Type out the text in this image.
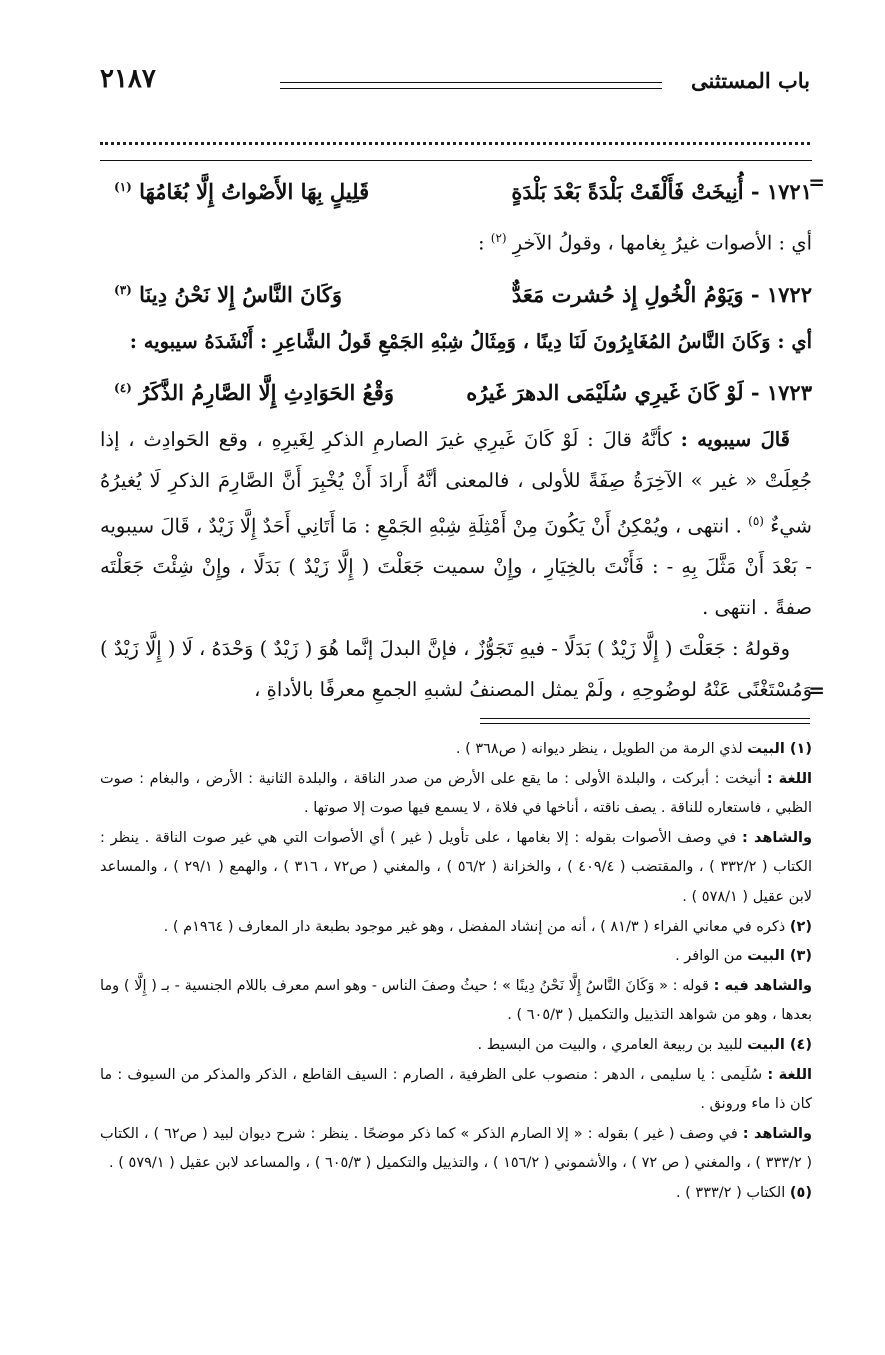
باب المستثنى
٢١٨٧
=
=
١٧٢١ - أُنِيخَتْ فَأَلْقَتْ بَلْدَةً بَعْدَ بَلْدَةٍ
قَلِيلٍ بِهَا الأَصْواتُ إِلَّا بُغَامُهَا $^{(١)}$

أي : الأصوات غيرُ بِغامها ، وقولُ الآخرِ $^{(٢)}$ :

١٧٢٢ - وَيَوْمُ الْخُولِ إِذ حُشرت مَعَدٌّ
وَكَانَ النَّاسُ إِلا نَحْنُ دِينَا $^{(٣)}$

أي : وَكَانَ النَّاسُ المُغَايِرُونَ لَنَا دِينًا ، وَمِثَالُ شِبْهِ الجَمْعِ قَولُ الشَّاعِرِ : أَنْشَدَهُ سيبويه :

١٧٢٣ - لَوْ كَانَ غَيرِي سُلَيْمَى الدهرَ غَيرُه
وَقْعُ الحَوَادِثِ إِلَّا الصَّارِمُ الذَّكَرُ $^{(٤)}$

قَالَ سيبويه : كأنَّهُ قالَ : لَوْ كَانَ غَيرِي غيرَ الصارمِ الذكرِ لِغَيرِهِ ، وقع الحَوادِث ، إذا جُعِلَتْ « غير » الآخِرَةُ صِفَةً للأولى ، فالمعنى أنَّهُ أَرادَ أَنْ يُخْبِرَ أَنَّ الصَّارِمَ الذكرِ لَا يُغيرُهُ شيءٌ $^{(٥)}$ . انتهى ، ويُمْكِنُ أَنْ يَكُونَ مِنْ أَمْثِلَةِ شِبْهِ الجَمْعِ : مَا أَتَانِي أَحَدٌ إِلَّا زَيْدٌ ، قَالَ سيبويه - بَعْدَ أَنْ مَثَّلَ بِهِ - : فَأَنْتَ بالخِيَارِ ، وإِنْ سميت جَعَلْتَ ( إِلَّا زَيْدٌ ) بَدَلًا ، وإِنْ شِئْتَ جَعَلْتَه صفةً . انتهى .

وقولهُ : جَعَلْتَ ( إِلَّا زَيْدٌ ) بَدَلًا - فيهِ تَجَوُّزٌ ، فإنَّ البدلَ إنَّما هُوَ ( زَيْدٌ ) وَحْدَهُ ، لَا ( إِلَّا زَيْدٌ ) وَمُسْتَغْنًى عَنْهُ لوضُوحِهِ ، ولَمْ يمثل المصنفُ لشبهِ الجمعِ معرفًا بالأداةِ ،

(١) البيت لذي الرمة من الطويل ، ينظر ديوانه ( ص٣٦٨ ) .

اللغة : أنيخت : أبركت ، والبلدة الأولى : ما يقع على الأرض من صدر الناقة ، والبلدة الثانية : الأرض ، والبغام : صوت الظبي ، فاستعاره للناقة . يصف ناقته ، أناخها في فلاة ، لا يسمع فيها صوت إلا صوتها .

والشاهد : في وصف الأصوات بقوله : إلا بغامها ، على تأويل ( غير ) أي الأصوات التي هي غير صوت الناقة . ينظر : الكتاب ( ٣٣٢/٢ ) ، والمقتضب ( ٤٠٩/٤ ) ، والخزانة ( ٥٦/٢ ) ، والمغني ( ص٧٢ ، ٣١٦ ) ، والهمع ( ٢٩/١ ) ، والمساعد لابن عقيل ( ٥٧٨/١ ) .

(٢) ذكره في معاني الفراء ( ٨١/٣ ) ، أنه من إنشاد المفضل ، وهو غير موجود بطبعة دار المعارف ( ١٩٦٤م ) .

(٣) البيت من الوافر .

والشاهد فيه : قوله : « وَكَانَ النَّاسُ إِلَّا نَحْنُ دِينًا » ؛ حيثُ وصفَ الناس - وهو اسم معرف باللام الجنسية - بـ ( إِلَّا ) وما بعدها ، وهو من شواهد التذييل والتكميل ( ٦٠٥/٣ ) .

(٤) البيت للبيد بن ربيعة العامري ، والبيت من البسيط .

اللغة : سُلَيمى : يا سليمى ، الدهر : منصوب على الظرفية ، الصارم : السيف القاطع ، الذكر والمذكر من السيوف : ما كان ذا ماء ورونق .

والشاهد : في وصف ( غير ) بقوله : « إلا الصارم الذكر » كما ذكر موضحًا . ينظر : شرح ديوان لبيد ( ص٦٢ ) ، الكتاب ( ٣٣٣/٢ ) ، والمغني ( ص ٧٢ ) ، والأشموني ( ١٥٦/٢ ) ، والتذييل والتكميل ( ٦٠٥/٣ ) ، والمساعد لابن عقيل ( ٥٧٩/١ ) .

(٥) الكتاب ( ٣٣٣/٢ ) .
